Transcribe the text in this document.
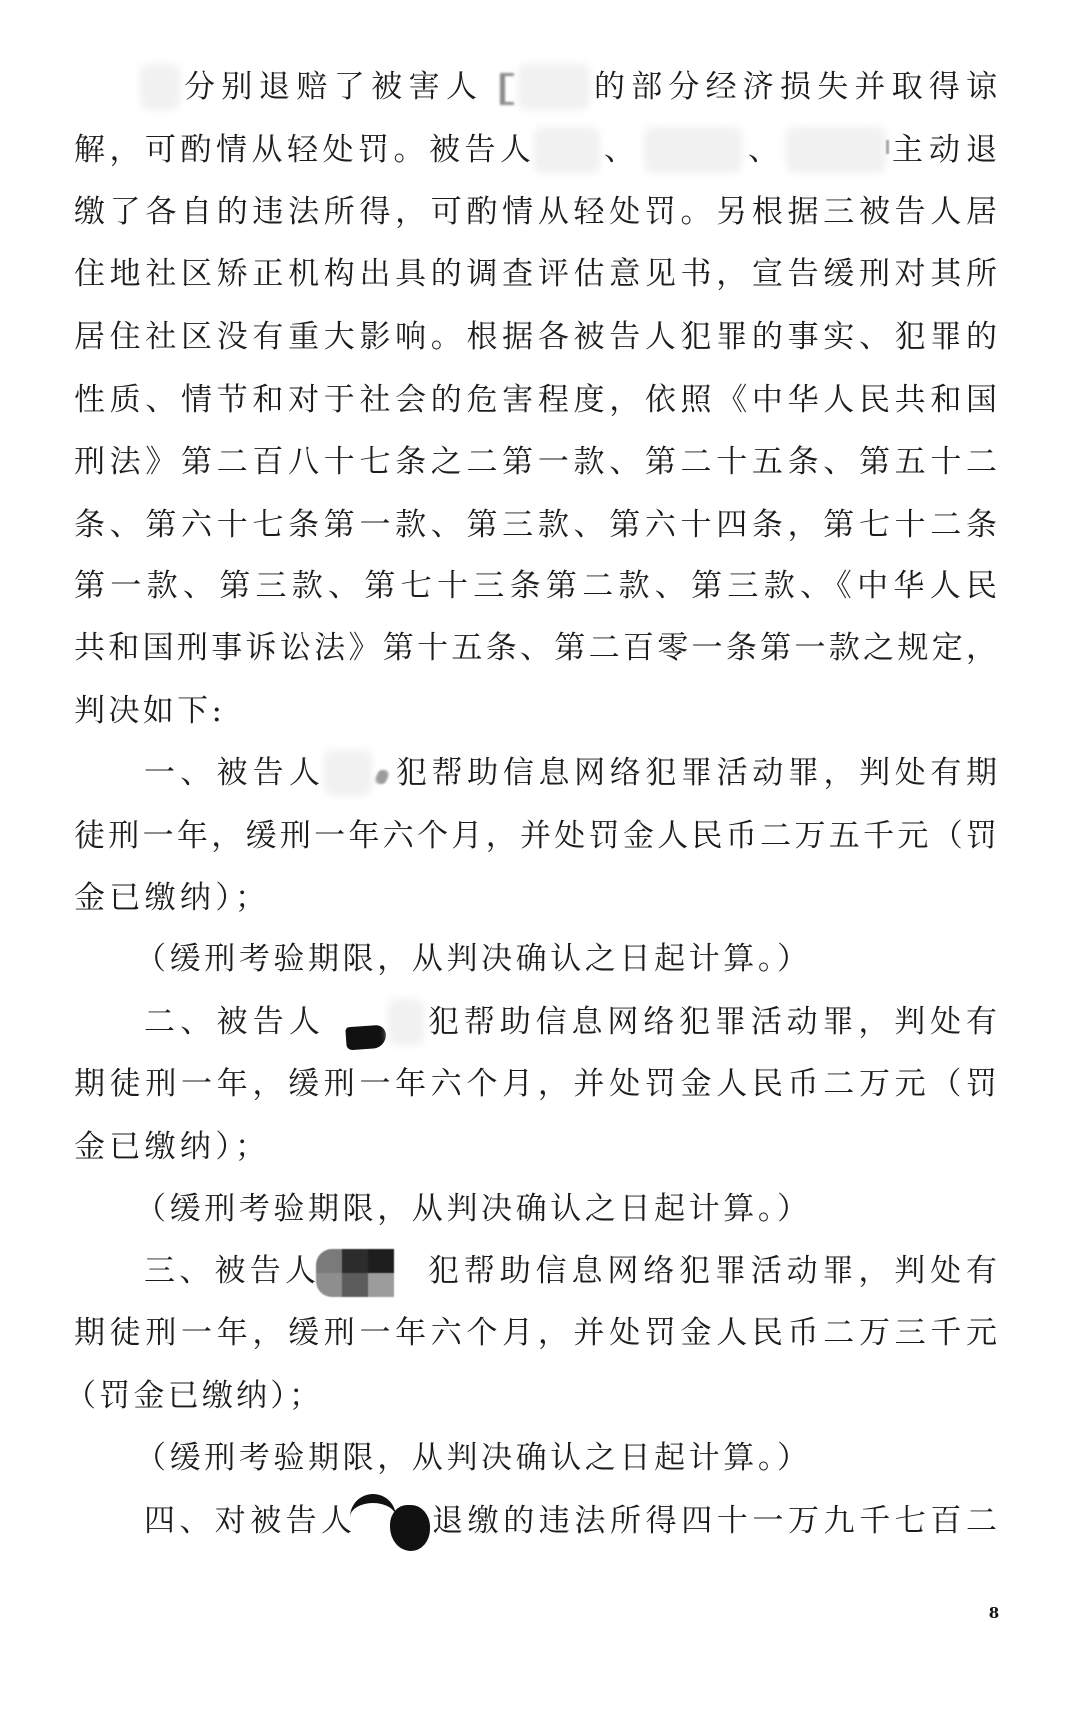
分别退赔了被害人	的部分经济损失并取得谅
解，可酌情从轻处罚。被告人 、	、	主动退
缴了各自的违法所得，可酌情从轻处罚。另根据三被告人居
住地社区矫正机构出具的调查评估意见书，宣告缓刑对其所
居住社区没有重大影响。根据各被告人犯罪的事实、犯罪的
性质、情节和对于社会的危害程度，依照《中华人民共和国
刑法》第二百八十七条之二第一款、第二十五条、第五十二
条、第六十七条第一款、第三款、第六十四条，第七十二条
第一款、第三款、第七十三条第二款、第三款、《中华人民
共和国刑事诉讼法》第十五条、第二百零一条第一款之规定，
判决如下:
一、被告人 犯帮助信息网络犯罪活动罪，判处有期
徒刑一年，缓刑一年六个月，并处罚金人民币二万五千元（罚
金已缴纳）；
（缓刑考验期限，从判决确认之日起计算。）
二、被告人	犯帮助信息网络犯罪活动罪，判处有
期徒刑一年，缓刑一年六个月，并处罚金人民币二万元（罚
金已缴纳）；
（缓刑考验期限，从判决确认之日起计算。）
三、被告人	犯帮助信息网络犯罪活动罪，判处有
期徒刑一年，缓刑一年六个月，并处罚金人民币二万三千元
（罚金已缴纳）；
（缓刑考验期限，从判决确认之日起计算。）
四、对被告人	退缴的违法所得四十一万九千七百二
8
